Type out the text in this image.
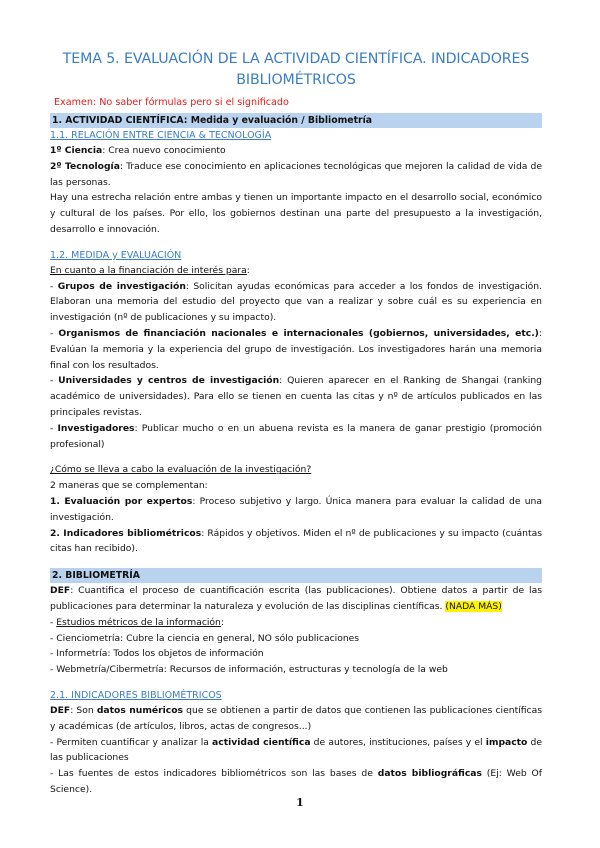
TEMA 5. EVALUACIÓN DE LA ACTIVIDAD CIENTÍFICA. INDICADORES
BIBLIOMÉTRICOS
Examen: No saber fórmulas pero si el significado
1. ACTIVIDAD CIENTÍFICA: Medida y evaluación / Bibliometría
1.1. RELACIÓN ENTRE CIENCIA & TECNOLOGÍA

1º Ciencia: Crea nuevo conocimiento

2º Tecnología: Traduce ese conocimiento en aplicaciones tecnológicas que mejoren la calidad de vida de las personas.

Hay una estrecha relación entre ambas y tienen un importante impacto en el desarrollo social, económico y cultural de los países. Por ello, los gobiernos destinan una parte del presupuesto a la investigación, desarrollo e innovación.

1.2. MEDIDA y EVALUACIÓN

En cuanto a la financiación de interés para:

- Grupos de investigación: Solicitan ayudas económicas para acceder a los fondos de investigación. Elaboran una memoria del estudio del proyecto que van a realizar y sobre cuál es su experiencia en investigación (nº de publicaciones y su impacto).

- Organismos de financiación nacionales e internacionales (gobiernos, universidades, etc.): Evalúan la memoria y la experiencia del grupo de investigación. Los investigadores harán una memoria final con los resultados.

- Universidades y centros de investigación: Quieren aparecer en el Ranking de Shangai (ranking académico de universidades). Para ello se tienen en cuenta las citas y nº de artículos publicados en las principales revistas.

- Investigadores: Publicar mucho o en un abuena revista es la manera de ganar prestigio (promoción profesional)

¿Cómo se lleva a cabo la evaluación de la investigación?

2 maneras que se complementan:

1. Evaluación por expertos: Proceso subjetivo y largo. Única manera para evaluar la calidad de una investigación.

2. Indicadores bibliométricos: Rápidos y objetivos. Miden el nº de publicaciones y su impacto (cuántas citas han recibido).

2. BIBLIOMETRÍA

DEF: Cuantifica el proceso de cuantificación escrita (las publicaciones). Obtiene datos a partir de las publicaciones para determinar la naturaleza y evolución de las disciplinas científicas. (NADA MÁS)

- Estudios métricos de la información:

- Cienciometría: Cubre la ciencia en general, NO sólo publicaciones

- Informetría: Todos los objetos de información

- Webmetría/Cibermetría: Recursos de información, estructuras y tecnología de la web

2.1. INDICADORES BIBLIOMÉTRICOS

DEF: Son datos numéricos que se obtienen a partir de datos que contienen las publicaciones científicas y académicas (de artículos, libros, actas de congresos...)

- Permiten cuantificar y analizar la actividad científica de autores, instituciones, países y el impacto de las publicaciones

- Las fuentes de estos indicadores bibliométricos son las bases de datos bibliográficas (Ej: Web Of Science).

1
